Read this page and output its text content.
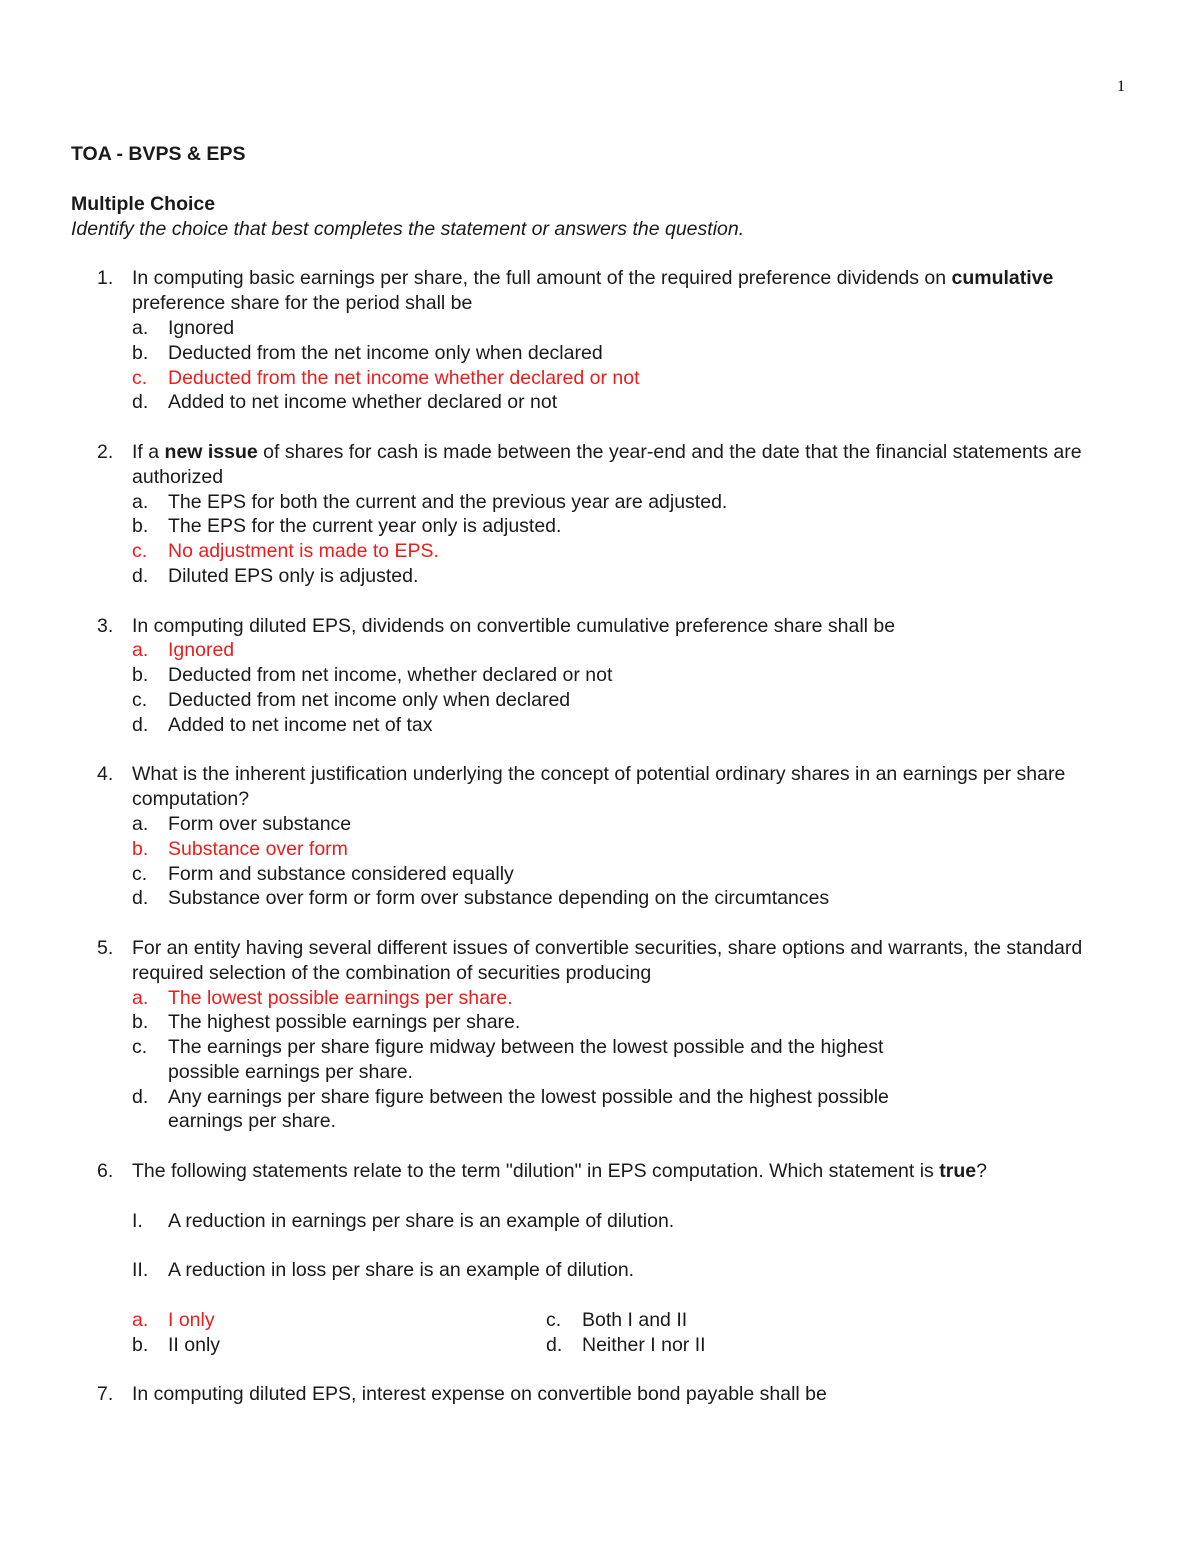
1
TOA - BVPS & EPS
Multiple Choice
Identify the choice that best completes the statement or answers the question.
1. In computing basic earnings per share, the full amount of the required preference dividends on cumulative preference share for the period shall be
a. Ignored
b. Deducted from the net income only when declared
c. Deducted from the net income whether declared or not
d. Added to net income whether declared or not
2. If a new issue of shares for cash is made between the year-end and the date that the financial statements are authorized
a. The EPS for both the current and the previous year are adjusted.
b. The EPS for the current year only is adjusted.
c. No adjustment is made to EPS.
d. Diluted EPS only is adjusted.
3. In computing diluted EPS, dividends on convertible cumulative preference share shall be
a. Ignored
b. Deducted from net income, whether declared or not
c. Deducted from net income only when declared
d. Added to net income net of tax
4. What is the inherent justification underlying the concept of potential ordinary shares in an earnings per share computation?
a. Form over substance
b. Substance over form
c. Form and substance considered equally
d. Substance over form or form over substance depending on the circumtances
5. For an entity having several different issues of convertible securities, share options and warrants, the standard required selection of the combination of securities producing
a. The lowest possible earnings per share.
b. The highest possible earnings per share.
c. The earnings per share figure midway between the lowest possible and the highest possible earnings per share.
d. Any earnings per share figure between the lowest possible and the highest possible earnings per share.
6. The following statements relate to the term "dilution" in EPS computation. Which statement is true?
I. A reduction in earnings per share is an example of dilution.
II. A reduction in loss per share is an example of dilution.
a. I only	c. Both I and II
b. II only	d. Neither I nor II
7. In computing diluted EPS, interest expense on convertible bond payable shall be
